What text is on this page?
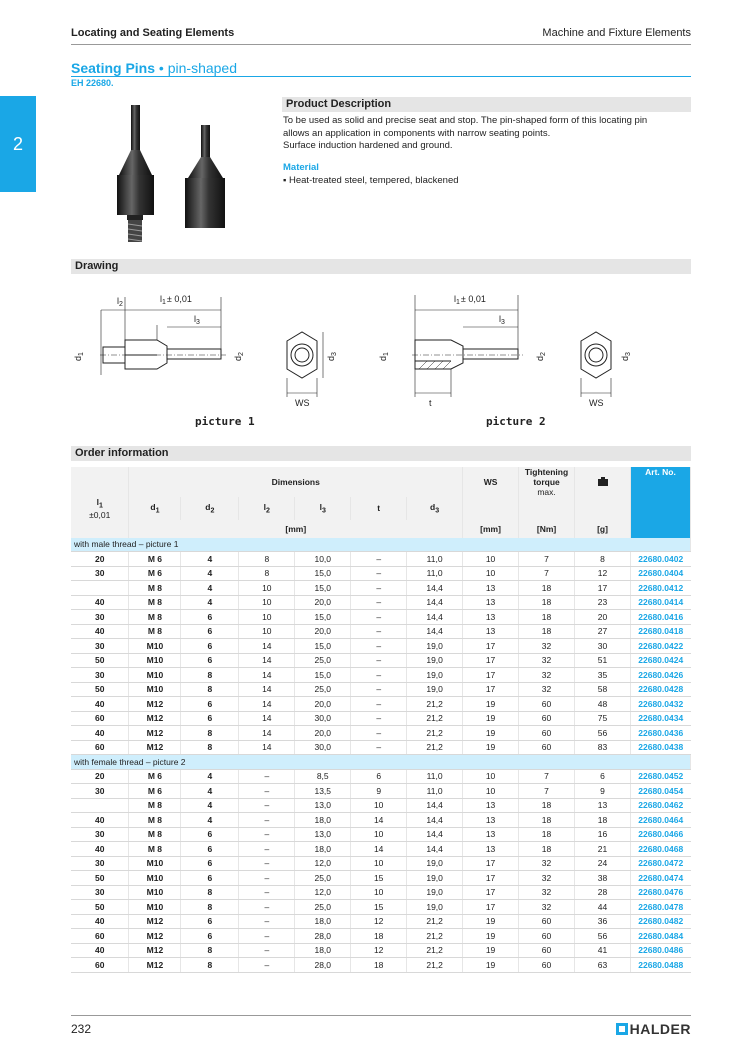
Locating and Seating Elements	Machine and Fixture Elements
2
Seating Pins • pin-shaped
EH 22680.
Product Description
To be used as solid and precise seat and stop. The pin-shaped form of this locating pin
allows an application in components with narrow seating points.
Surface induction hardened and ground.
Material
▪ Heat-treated steel, tempered, blackened
Drawing
$l_2$
$l_1\pm 0,01$
$l_3$
$d_1$
$d_2$
$d_3$
WS
picture 1
$l_1\pm 0,01$
$l_3$
$d_1$
$d_2$
$d_3$
t	WS
picture 2
Order information
	Dimensions						WS	Tightening
torque
max.		Art. No.
$l_1$
±0,01	$d_1$	$d_2$	$l_2$	$l_3$	t	$d_3$			
	[mm]						[mm]	[Nm]	[g]	
with male thread – picture 1										
20	M 6	4	8	10,0	–	11,0	10	7	8	22680.0402
30	M 6	4	8	15,0	–	11,0	10	7	12	22680.0404
	M 8	4	10	15,0	–	14,4	13	18	17	22680.0412
40	M 8	4	10	20,0	–	14,4	13	18	23	22680.0414
30	M 8	6	10	15,0	–	14,4	13	18	20	22680.0416
40	M 8	6	10	20,0	–	14,4	13	18	27	22680.0418
30	M10	6	14	15,0	–	19,0	17	32	30	22680.0422
50	M10	6	14	25,0	–	19,0	17	32	51	22680.0424
30	M10	8	14	15,0	–	19,0	17	32	35	22680.0426
50	M10	8	14	25,0	–	19,0	17	32	58	22680.0428
40	M12	6	14	20,0	–	21,2	19	60	48	22680.0432
60	M12	6	14	30,0	–	21,2	19	60	75	22680.0434
40	M12	8	14	20,0	–	21,2	19	60	56	22680.0436
60	M12	8	14	30,0	–	21,2	19	60	83	22680.0438
with female thread – picture 2										
20	M 6	4	–	8,5	6	11,0	10	7	6	22680.0452
30	M 6	4	–	13,5	9	11,0	10	7	9	22680.0454
	M 8	4	–	13,0	10	14,4	13	18	13	22680.0462
40	M 8	4	–	18,0	14	14,4	13	18	18	22680.0464
30	M 8	6	–	13,0	10	14,4	13	18	16	22680.0466
40	M 8	6	–	18,0	14	14,4	13	18	21	22680.0468
30	M10	6	–	12,0	10	19,0	17	32	24	22680.0472
50	M10	6	–	25,0	15	19,0	17	32	38	22680.0474
30	M10	8	–	12,0	10	19,0	17	32	28	22680.0476
50	M10	8	–	25,0	15	19,0	17	32	44	22680.0478
40	M12	6	–	18,0	12	21,2	19	60	36	22680.0482
60	M12	6	–	28,0	18	21,2	19	60	56	22680.0484
40	M12	8	–	18,0	12	21,2	19	60	41	22680.0486
60	M12	8	–	28,0	18	21,2	19	60	63	22680.0488
232	HALDER
